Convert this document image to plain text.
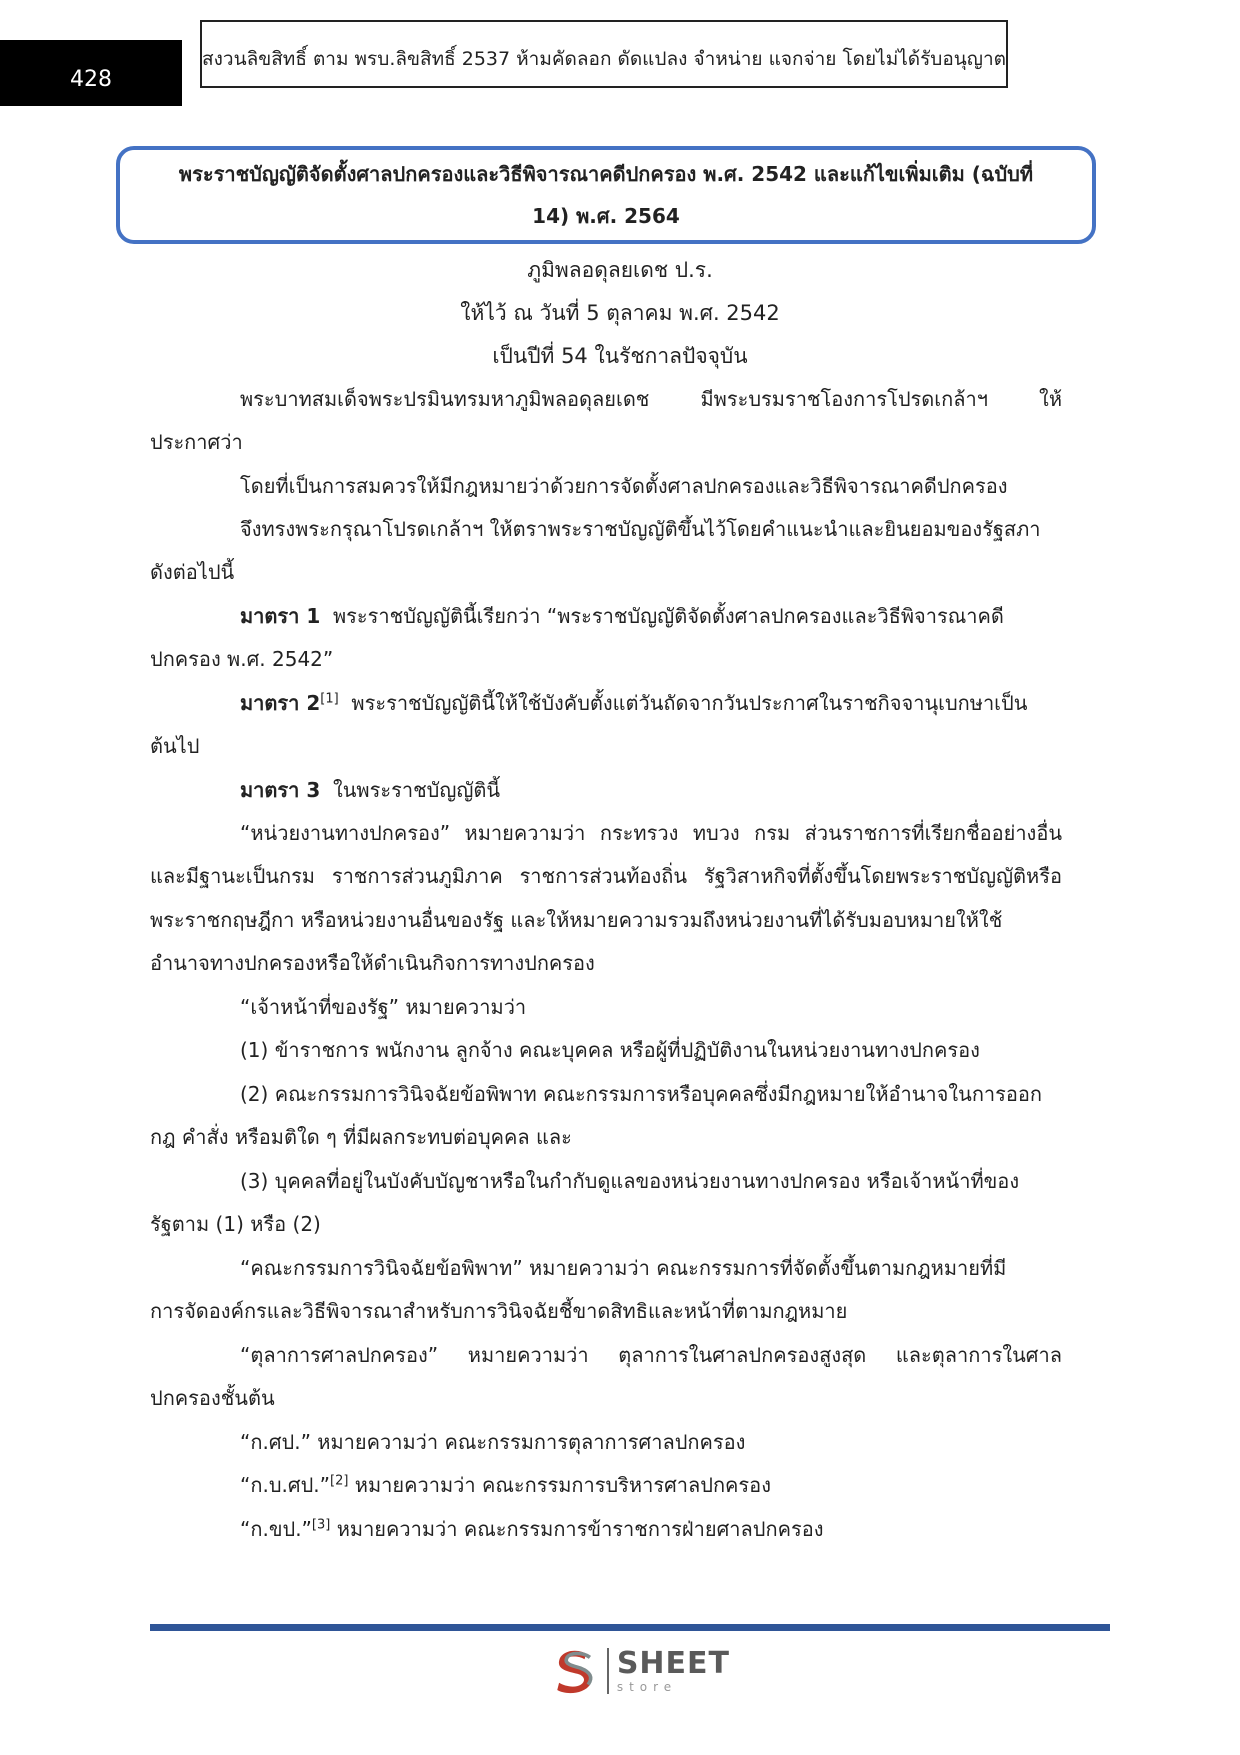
428
สงวนลิขสิทธิ์ ตาม พรบ.ลิขสิทธิ์ 2537 ห้ามคัดลอก ดัดแปลง จำหน่าย แจกจ่าย โดยไม่ได้รับอนุญาต
พระราชบัญญัติจัดตั้งศาลปกครองและวิธีพิจารณาคดีปกครอง พ.ศ. 2542 และแก้ไขเพิ่มเติม (ฉบับที่
14) พ.ศ. 2564
ภูมิพลอดุลยเดช ป.ร.
ให้ไว้ ณ วันที่ 5 ตุลาคม พ.ศ. 2542
เป็นปีที่ 54 ในรัชกาลปัจจุบัน
พระบาทสมเด็จพระปรมินทรมหาภูมิพลอดุลยเดช	มีพระบรมราชโองการโปรดเกล้าฯ	ให้
ประกาศว่า
โดยที่เป็นการสมควรให้มีกฎหมายว่าด้วยการจัดตั้งศาลปกครองและวิธีพิจารณาคดีปกครอง
จึงทรงพระกรุณาโปรดเกล้าฯ ให้ตราพระราชบัญญัติขึ้นไว้โดยคำแนะนำและยินยอมของรัฐสภา
ดังต่อไปนี้
มาตรา 1 พระราชบัญญัตินี้เรียกว่า “พระราชบัญญัติจัดตั้งศาลปกครองและวิธีพิจารณาคดี
ปกครอง พ.ศ. 2542”
มาตรา 2[1] พระราชบัญญัตินี้ให้ใช้บังคับตั้งแต่วันถัดจากวันประกาศในราชกิจจานุเบกษาเป็น
ต้นไป
มาตรา 3 ในพระราชบัญญัตินี้
“หน่วยงานทางปกครอง” หมายความว่า กระทรวง ทบวง กรม ส่วนราชการที่เรียกชื่ออย่างอื่น
และมีฐานะเป็นกรม ราชการส่วนภูมิภาค ราชการส่วนท้องถิ่น รัฐวิสาหกิจที่ตั้งขึ้นโดยพระราชบัญญัติหรือ
พระราชกฤษฎีกา หรือหน่วยงานอื่นของรัฐ และให้หมายความรวมถึงหน่วยงานที่ได้รับมอบหมายให้ใช้
อำนาจทางปกครองหรือให้ดำเนินกิจการทางปกครอง
“เจ้าหน้าที่ของรัฐ” หมายความว่า
(1) ข้าราชการ พนักงาน ลูกจ้าง คณะบุคคล หรือผู้ที่ปฏิบัติงานในหน่วยงานทางปกครอง
(2) คณะกรรมการวินิจฉัยข้อพิพาท คณะกรรมการหรือบุคคลซึ่งมีกฎหมายให้อำนาจในการออก
กฎ คำสั่ง หรือมติใด ๆ ที่มีผลกระทบต่อบุคคล และ
(3) บุคคลที่อยู่ในบังคับบัญชาหรือในกำกับดูแลของหน่วยงานทางปกครอง หรือเจ้าหน้าที่ของ
รัฐตาม (1) หรือ (2)
“คณะกรรมการวินิจฉัยข้อพิพาท” หมายความว่า คณะกรรมการที่จัดตั้งขึ้นตามกฎหมายที่มี
การจัดองค์กรและวิธีพิจารณาสำหรับการวินิจฉัยชี้ขาดสิทธิและหน้าที่ตามกฎหมาย
“ตุลาการศาลปกครอง” หมายความว่า ตุลาการในศาลปกครองสูงสุด และตุลาการในศาล
ปกครองชั้นต้น
“ก.ศป.” หมายความว่า คณะกรรมการตุลาการศาลปกครอง
“ก.บ.ศป.”[2] หมายความว่า คณะกรรมการบริหารศาลปกครอง
“ก.ขป.”[3] หมายความว่า คณะกรรมการข้าราชการฝ่ายศาลปกครอง
SHEET
store
